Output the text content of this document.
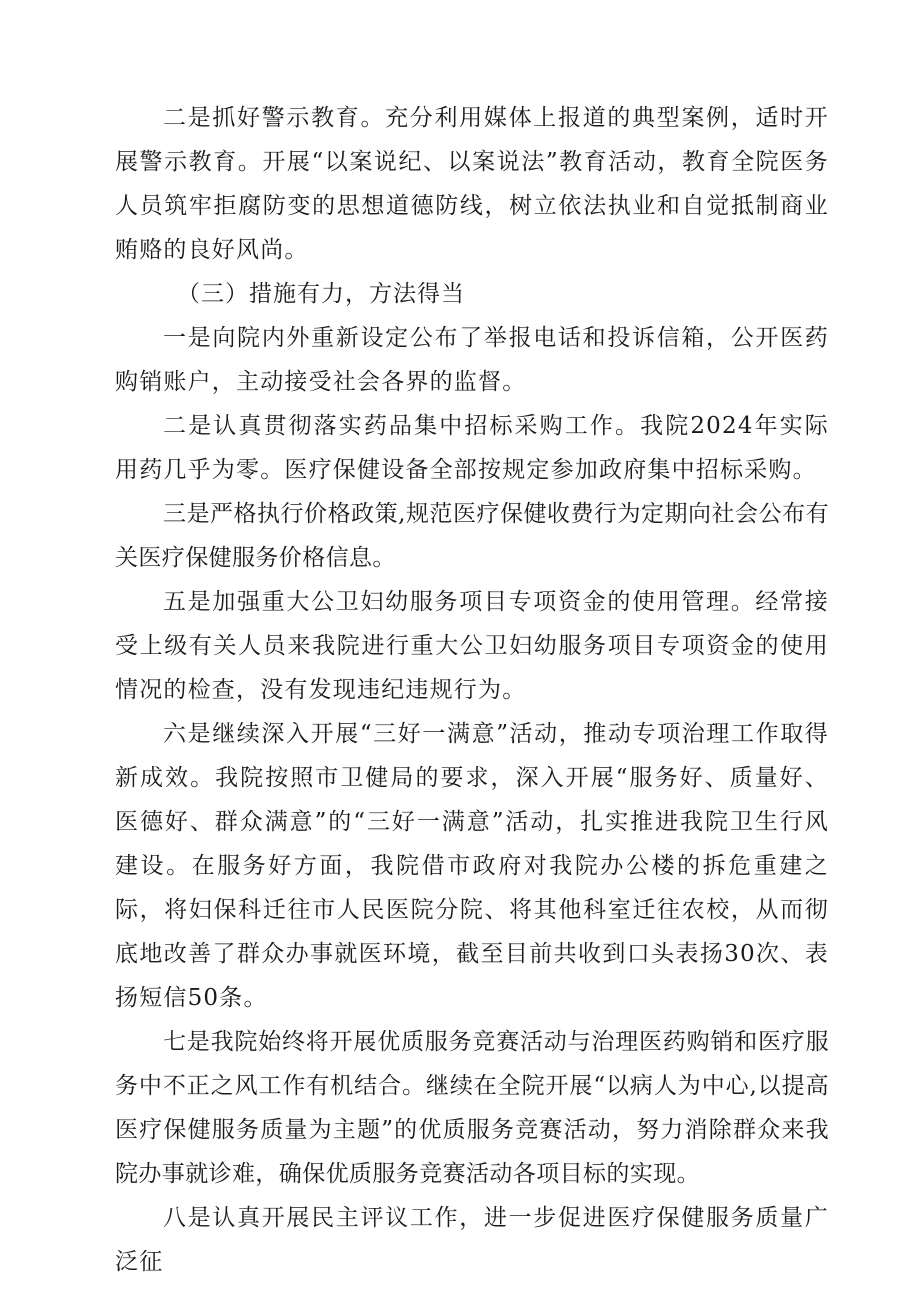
二是抓好警示教育。充分利用媒体上报道的典型案例，适时开展警示教育。开展“以案说纪、以案说法”教育活动，教育全院医务人员筑牢拒腐防变的思想道德防线，树立依法执业和自觉抵制商业贿赂的良好风尚。

（三）措施有力，方法得当

一是向院内外重新设定公布了举报电话和投诉信箱，公开医药购销账户，主动接受社会各界的监督。

二是认真贯彻落实药品集中招标采购工作。我院2024年实际用药几乎为零。医疗保健设备全部按规定参加政府集中招标采购。

三是严格执行价格政策,规范医疗保健收费行为定期向社会公布有关医疗保健服务价格信息。

五是加强重大公卫妇幼服务项目专项资金的使用管理。经常接受上级有关人员来我院进行重大公卫妇幼服务项目专项资金的使用情况的检查，没有发现违纪违规行为。

六是继续深入开展“三好一满意”活动，推动专项治理工作取得新成效。我院按照市卫健局的要求，深入开展“服务好、质量好、医德好、群众满意”的“三好一满意”活动，扎实推进我院卫生行风建设。在服务好方面，我院借市政府对我院办公楼的拆危重建之际，将妇保科迁往市人民医院分院、将其他科室迁往农校，从而彻底地改善了群众办事就医环境，截至目前共收到口头表扬30次、表扬短信50条。

七是我院始终将开展优质服务竞赛活动与治理医药购销和医疗服务中不正之风工作有机结合。继续在全院开展“以病人为中心,以提高医疗保健服务质量为主题”的优质服务竞赛活动，努力消除群众来我院办事就诊难，确保优质服务竞赛活动各项目标的实现。

八是认真开展民主评议工作，进一步促进医疗保健服务质量广泛征
